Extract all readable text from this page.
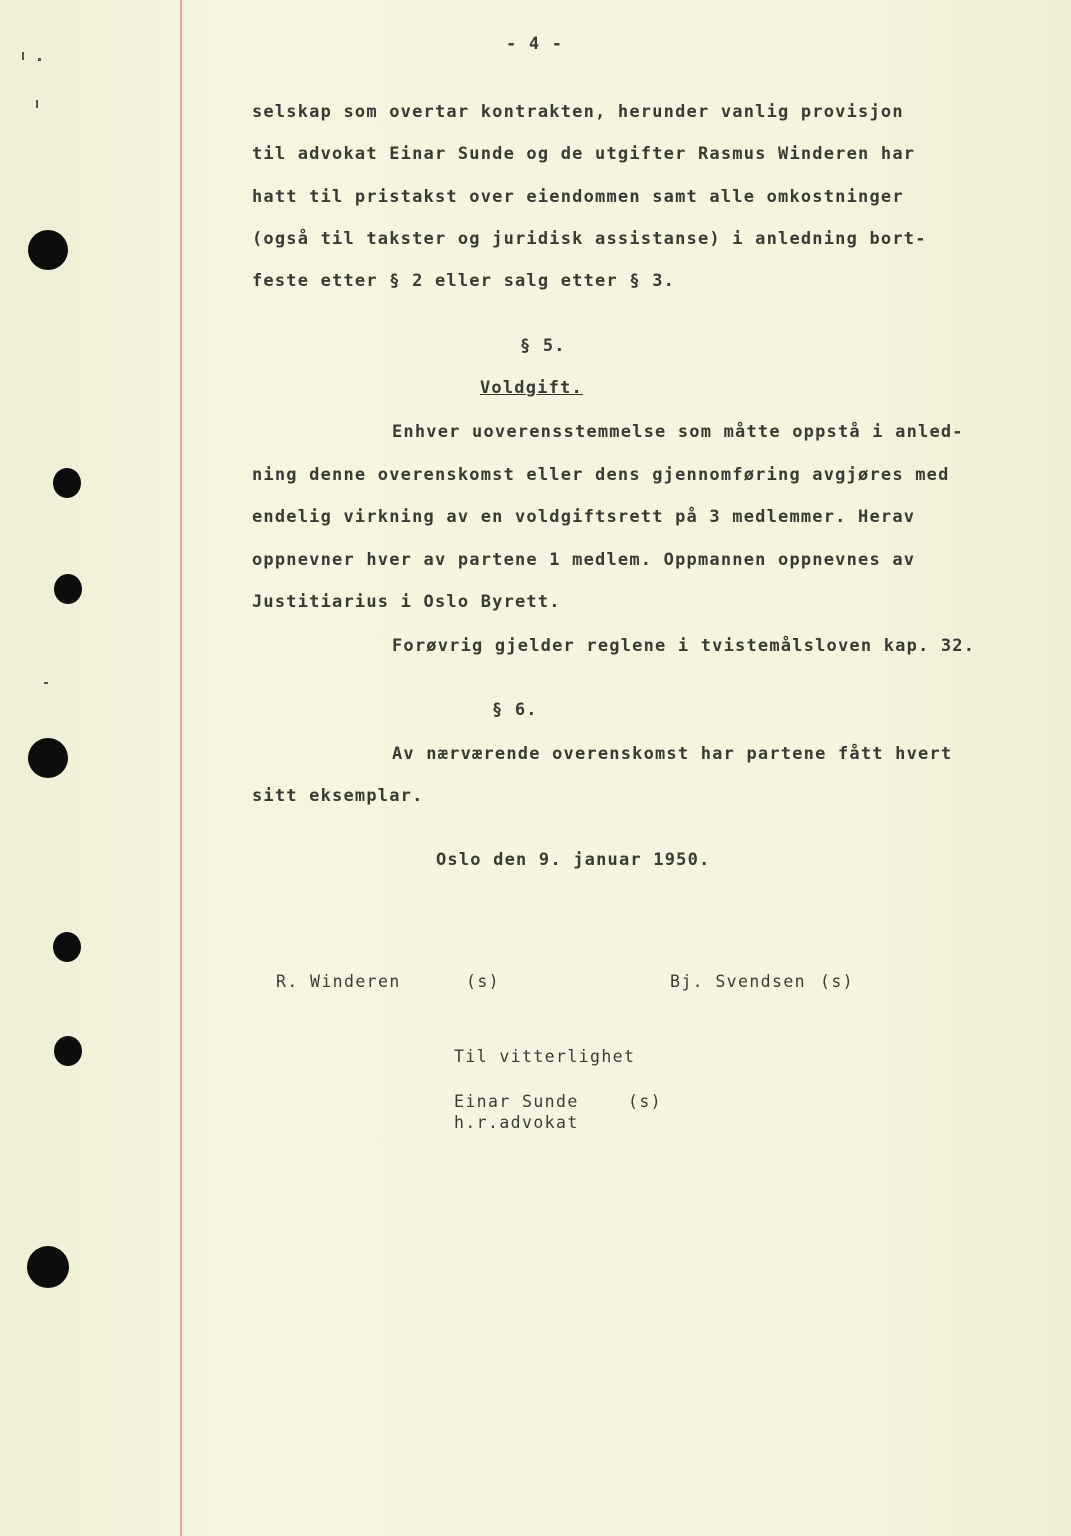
- 4 -
selskap som overtar kontrakten, herunder vanlig provisjon
til advokat Einar Sunde og de utgifter Rasmus Winderen har
hatt til pristakst over eiendommen samt alle omkostninger
(også til takster og juridisk assistanse) i anledning bort-
feste etter § 2 eller salg etter § 3.
§ 5.
Voldgift.
Enhver uoverensstemmelse som måtte oppstå i anled-
ning denne overenskomst eller dens gjennomføring avgjøres med
endelig virkning av en voldgiftsrett på 3 medlemmer. Herav
oppnevner hver av partene 1 medlem. Oppmannen oppnevnes av
Justitiarius i Oslo Byrett.
Forøvrig gjelder reglene i tvistemålsloven kap. 32.
§ 6.
Av nærværende overenskomst har partene fått hvert
sitt eksemplar.
Oslo den 9. januar 1950.
R. Winderen	(s)	Bj. Svendsen (s)
Til vitterlighet
Einar Sunde	(s)
h.r.advokat
